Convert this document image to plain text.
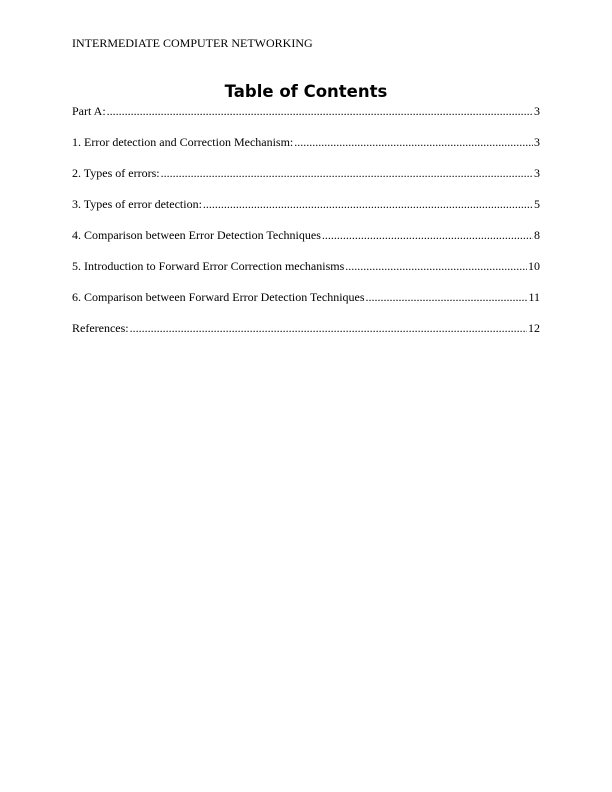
INTERMEDIATE COMPUTER NETWORKING
Table of Contents
Part A: .....	3
1. Error detection and Correction Mechanism: .....	3
2. Types of errors: .....	3
3. Types of error detection: .....	5
4. Comparison between Error Detection Techniques .....	8
5. Introduction to Forward Error Correction mechanisms .....	10
6. Comparison between Forward Error Detection Techniques .....	11
References: .....	12
